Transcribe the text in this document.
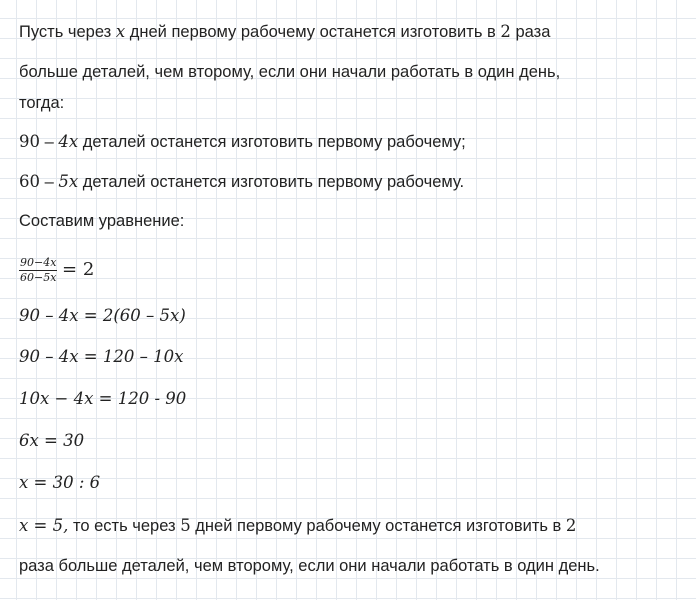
Пусть через x дней первому рабочему останется изготовить в 2 раза
больше деталей, чем второму, если они начали работать в один день,
тогда:
90 – 4x деталей останется изготовить первому рабочему;
60 – 5x деталей останется изготовить первому рабочему.
Составим уравнение:
$\frac{90-4x}{60-5x} = 2$
90 – 4x = 2(60 – 5x)
90 – 4x = 120 – 10x
10x − 4x = 120 - 90
6x = 30
x = 30 : 6
x = 5, то есть через 5 дней первому рабочему останется изготовить в 2
раза больше деталей, чем второму, если они начали работать в один день.
